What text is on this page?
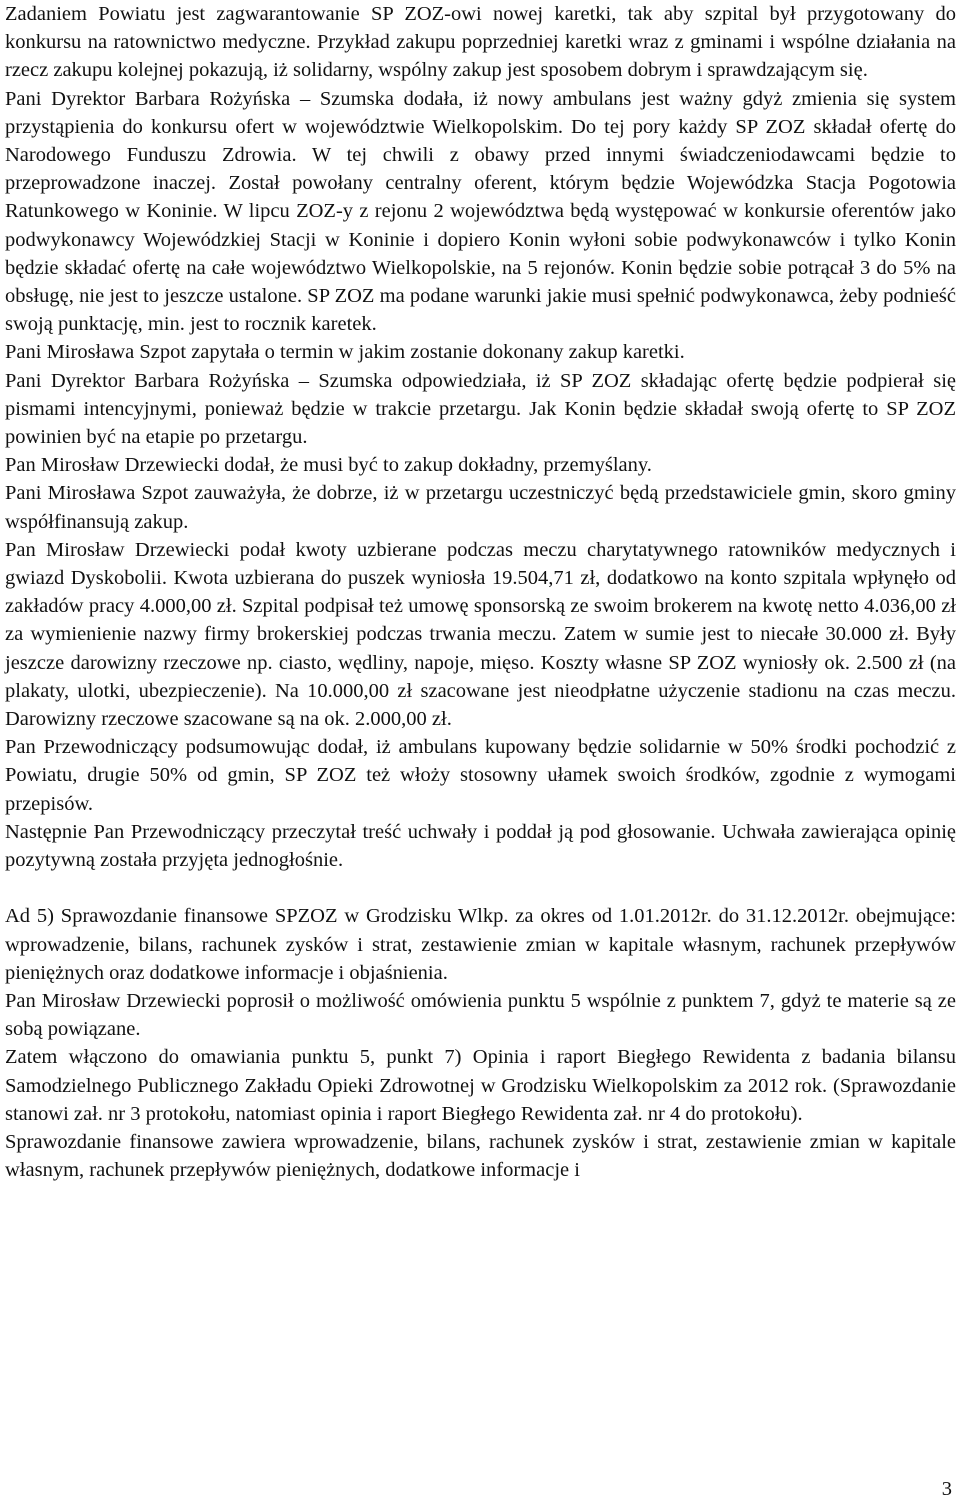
Zadaniem Powiatu jest zagwarantowanie SP ZOZ-owi nowej karetki, tak aby szpital był przygotowany do konkursu na ratownictwo medyczne. Przykład zakupu poprzedniej karetki wraz z gminami i wspólne działania na rzecz zakupu kolejnej pokazują, iż solidarny, wspólny zakup jest sposobem dobrym i sprawdzającym się.

Pani Dyrektor Barbara Rożyńska – Szumska dodała, iż nowy ambulans jest ważny gdyż zmienia się system przystąpienia do konkursu ofert w województwie Wielkopolskim. Do tej pory każdy SP ZOZ składał ofertę do Narodowego Funduszu Zdrowia. W tej chwili z obawy przed innymi świadczeniodawcami będzie to przeprowadzone inaczej. Został powołany centralny oferent, którym będzie Wojewódzka Stacja Pogotowia Ratunkowego w Koninie. W lipcu ZOZ-y z rejonu 2 województwa będą występować w konkursie oferentów jako podwykonawcy Wojewódzkiej Stacji w Koninie i dopiero Konin wyłoni sobie podwykonawców i tylko Konin będzie składać ofertę na całe województwo Wielkopolskie, na 5 rejonów. Konin będzie sobie potrącał 3 do 5% na obsługę, nie jest to jeszcze ustalone. SP ZOZ ma podane warunki jakie musi spełnić podwykonawca, żeby podnieść swoją punktację, min. jest to rocznik karetek.

Pani Mirosława Szpot zapytała o termin w jakim zostanie dokonany zakup karetki.

Pani Dyrektor Barbara Rożyńska – Szumska odpowiedziała, iż SP ZOZ składając ofertę będzie podpierał się pismami intencyjnymi, ponieważ będzie w trakcie przetargu. Jak Konin będzie składał swoją ofertę to SP ZOZ powinien być na etapie po przetargu.

Pan Mirosław Drzewiecki dodał, że musi być to zakup dokładny, przemyślany.

Pani Mirosława Szpot zauważyła, że dobrze, iż w przetargu uczestniczyć będą przedstawiciele gmin, skoro gminy współfinansują zakup.

Pan Mirosław Drzewiecki podał kwoty uzbierane podczas meczu charytatywnego ratowników medycznych i gwiazd Dyskobolii. Kwota uzbierana do puszek wyniosła 19.504,71 zł, dodatkowo na konto szpitala wpłynęło od zakładów pracy 4.000,00 zł. Szpital podpisał też umowę sponsorską ze swoim brokerem na kwotę netto 4.036,00 zł za wymienienie nazwy firmy brokerskiej podczas trwania meczu. Zatem w sumie jest to niecałe 30.000 zł. Były jeszcze darowizny rzeczowe np. ciasto, wędliny, napoje, mięso. Koszty własne SP ZOZ wyniosły ok. 2.500 zł (na plakaty, ulotki, ubezpieczenie). Na 10.000,00 zł szacowane jest nieodpłatne użyczenie stadionu na czas meczu. Darowizny rzeczowe szacowane są na ok. 2.000,00 zł.

Pan Przewodniczący podsumowując dodał, iż ambulans kupowany będzie solidarnie w 50% środki pochodzić z Powiatu, drugie 50% od gmin, SP ZOZ też włoży stosowny ułamek swoich środków, zgodnie z wymogami przepisów.

Następnie Pan Przewodniczący przeczytał treść uchwały i poddał ją pod głosowanie. Uchwała zawierająca opinię pozytywną została przyjęta jednogłośnie.

Ad 5) Sprawozdanie finansowe SPZOZ w Grodzisku Wlkp. za okres od 1.01.2012r. do 31.12.2012r. obejmujące: wprowadzenie, bilans, rachunek zysków i strat, zestawienie zmian w kapitale własnym, rachunek przepływów pieniężnych oraz dodatkowe informacje i objaśnienia.

Pan Mirosław Drzewiecki poprosił o możliwość omówienia punktu 5 wspólnie z punktem 7, gdyż te materie są ze sobą powiązane.

Zatem włączono do omawiania punktu 5, punkt 7) Opinia i raport Biegłego Rewidenta z badania bilansu Samodzielnego Publicznego Zakładu Opieki Zdrowotnej w Grodzisku Wielkopolskim za 2012 rok. (Sprawozdanie stanowi zał. nr 3 protokołu, natomiast opinia i raport Biegłego Rewidenta zał. nr 4 do protokołu).

Sprawozdanie finansowe zawiera wprowadzenie, bilans, rachunek zysków i strat, zestawienie zmian w kapitale własnym, rachunek przepływów pieniężnych, dodatkowe informacje i

3
